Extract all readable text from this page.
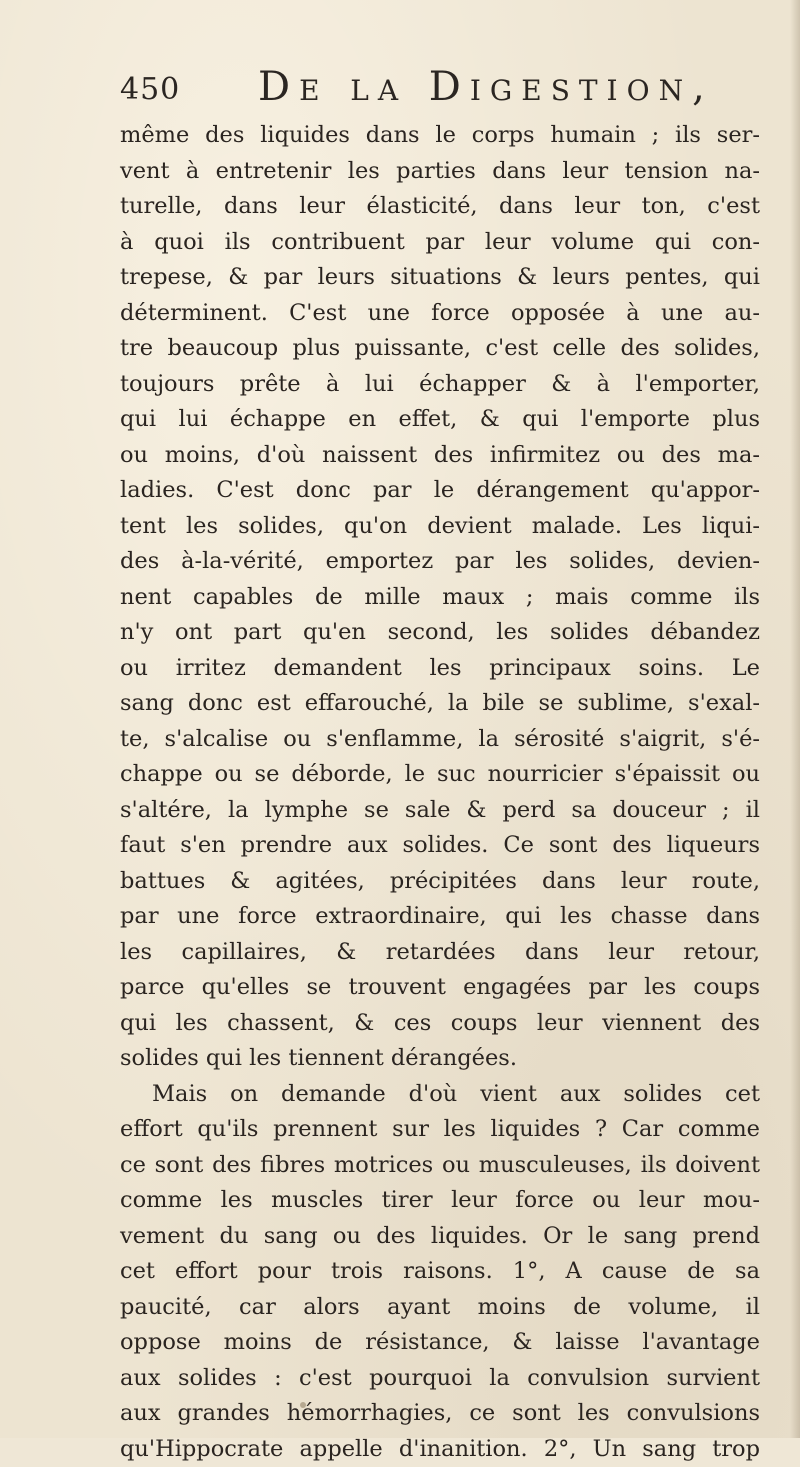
450 De la Digestion,
même des liquides dans le corps humain ; ils ser-
vent à entretenir les parties dans leur tension na-
turelle, dans leur élasticité, dans leur ton, c'est
à quoi ils contribuent par leur volume qui con-
trepese, & par leurs situations & leurs pentes, qui
déterminent. C'est une force opposée à une au-
tre beaucoup plus puissante, c'est celle des solides,
toujours prête à lui échapper & à l'emporter,
qui lui échappe en effet, & qui l'emporte plus
ou moins, d'où naissent des infirmitez ou des ma-
ladies. C'est donc par le dérangement qu'appor-
tent les solides, qu'on devient malade. Les liqui-
des à-la-vérité, emportez par les solides, devien-
nent capables de mille maux ; mais comme ils
n'y ont part qu'en second, les solides débandez
ou irritez demandent les principaux soins. Le
sang donc est effarouché, la bile se sublime, s'exal-
te, s'alcalise ou s'enflamme, la sérosité s'aigrit, s'é-
chappe ou se déborde, le suc nourricier s'épaissit ou
s'altére, la lymphe se sale & perd sa douceur ; il
faut s'en prendre aux solides. Ce sont des liqueurs
battues & agitées, précipitées dans leur route,
par une force extraordinaire, qui les chasse dans
les capillaires, & retardées dans leur retour,
parce qu'elles se trouvent engagées par les coups
qui les chassent, & ces coups leur viennent des
solides qui les tiennent dérangées.
Mais on demande d'où vient aux solides cet
effort qu'ils prennent sur les liquides ? Car comme
ce sont des fibres motrices ou musculeuses, ils doivent
comme les muscles tirer leur force ou leur mou-
vement du sang ou des liquides. Or le sang prend
cet effort pour trois raisons. 1°, A cause de sa
paucité, car alors ayant moins de volume, il
oppose moins de résistance, & laisse l'avantage
aux solides : c'est pourquoi la convulsion survient
aux grandes hémorrhagies, ce sont les convulsions
qu'Hippocrate appelle d'inanition. 2°, Un sang trop
